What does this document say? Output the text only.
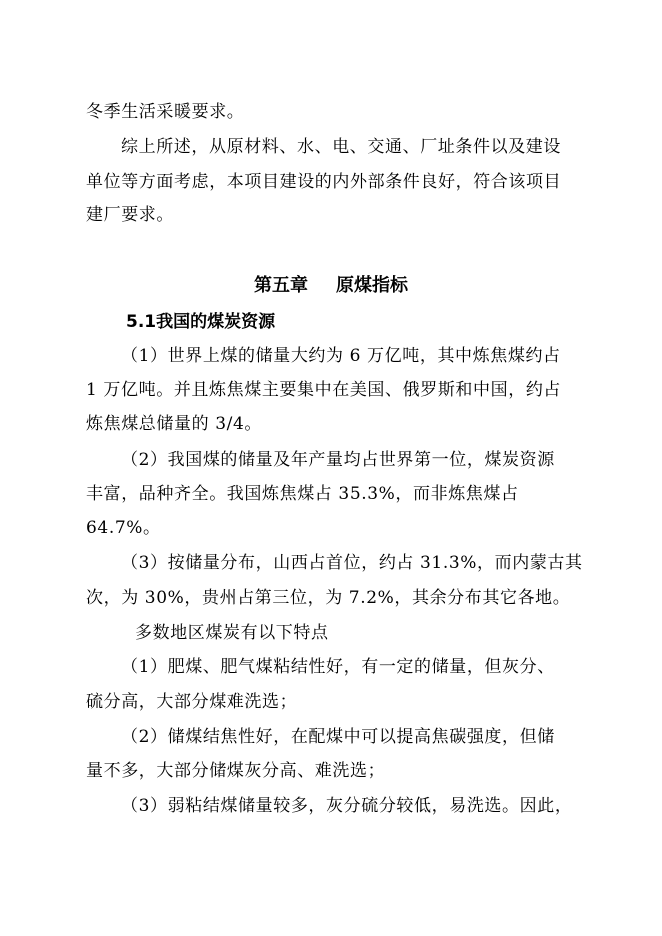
冬季生活采暖要求。
综上所述，从原材料、水、电、交通、厂址条件以及建设
单位等方面考虑，本项目建设的内外部条件良好，符合该项目
建厂要求。
第五章 原煤指标
5.1我国的煤炭资源
（1）世界上煤的储量大约为 6 万亿吨，其中炼焦煤约占
1 万亿吨。并且炼焦煤主要集中在美国、俄罗斯和中国，约占
炼焦煤总储量的 3/4。
（2）我国煤的储量及年产量均占世界第一位，煤炭资源
丰富，品种齐全。我国炼焦煤占 35.3%，而非炼焦煤占
64.7%。
（3）按储量分布，山西占首位，约占 31.3%，而内蒙古其
次，为 30%，贵州占第三位，为 7.2%，其余分布其它各地。
多数地区煤炭有以下特点
（1）肥煤、肥气煤粘结性好，有一定的储量，但灰分、
硫分高，大部分煤难洗选；
（2）储煤结焦性好，在配煤中可以提高焦碳强度，但储
量不多，大部分储煤灰分高、难洗选；
（3）弱粘结煤储量较多，灰分硫分较低，易洗选。因此，
